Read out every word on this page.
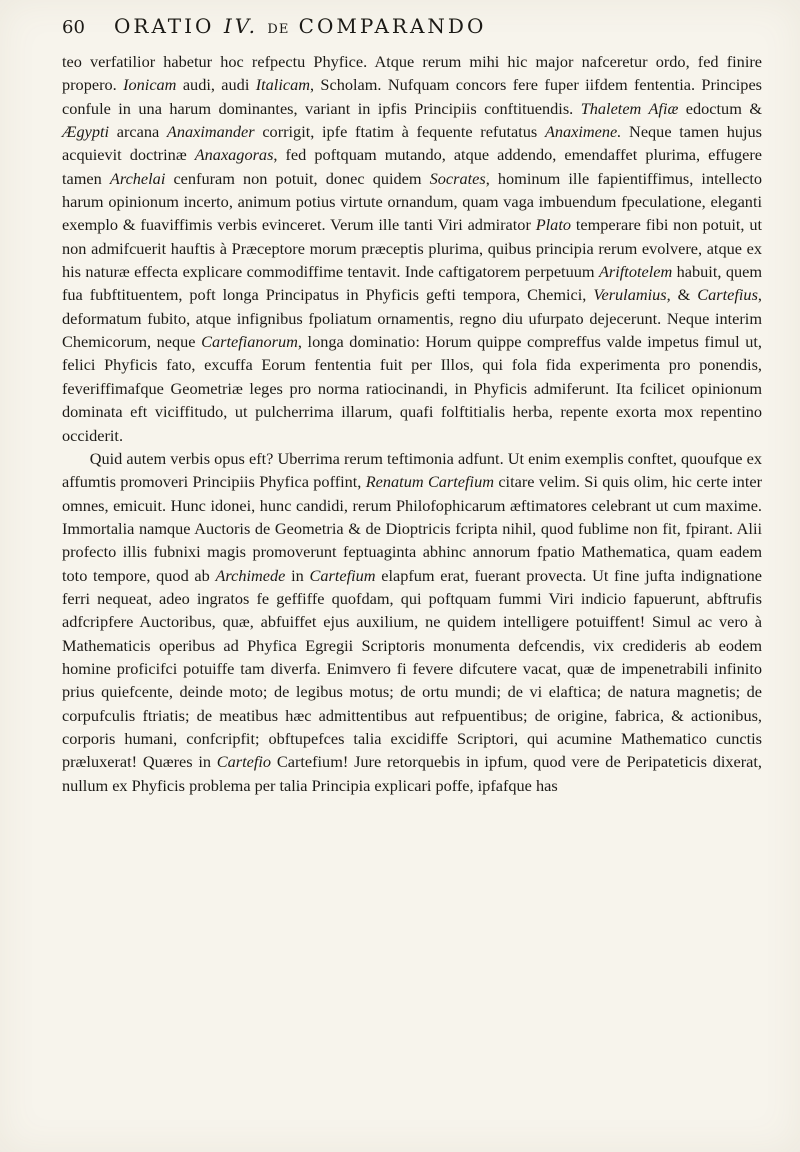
60	ORATIO IV. DE COMPARANDO

teo verfatilior habetur hoc refpectu Phyfice. Atque rerum mihi hic major nafceretur ordo, fed finire propero. Ionicam audi, audi Italicam, Scholam. Nufquam concors fere fuper iifdem fententia. Principes confule in una harum dominantes, variant in ipfis Principiis conftituendis. Thaletem Afiæ edoctum & Ægypti arcana Anaximander corrigit, ipfe ftatim à fequente refutatus Anaximene. Neque tamen hujus acquievit doctrinæ Anaxagoras, fed poftquam mutando, atque addendo, emendaffet plurima, effugere tamen Archelai cenfuram non potuit, donec quidem Socrates, hominum ille fapientiffimus, intellecto harum opinionum incerto, animum potius virtute ornandum, quam vaga imbuendum fpeculatione, eleganti exemplo & fuaviffimis verbis evinceret. Verum ille tanti Viri admirator Plato temperare fibi non potuit, ut non admifcuerit hauftis à Præceptore morum præceptis plurima, quibus principia rerum evolvere, atque ex his naturæ effecta explicare commodiffime tentavit. Inde caftigatorem perpetuum Ariftotelem habuit, quem fua fubftituentem, poft longa Principatus in Phyficis gefti tempora, Chemici, Verulamius, & Cartefius, deformatum fubito, atque infignibus fpoliatum ornamentis, regno diu ufurpato dejecerunt. Neque interim Chemicorum, neque Cartefianorum, longa dominatio: Horum quippe compreffus valde impetus fimul ut, felici Phyficis fato, excuffa Eorum fententia fuit per Illos, qui fola fida experimenta pro ponendis, feveriffimafque Geometriæ leges pro norma ratiocinandi, in Phyficis admiferunt. Ita fcilicet opinionum dominata eft viciffitudo, ut pulcherrima illarum, quafi folftitialis herba, repente exorta mox repentino occiderit.

Quid autem verbis opus eft? Uberrima rerum teftimonia adfunt. Ut enim exemplis conftet, quoufque ex affumtis promoveri Principiis Phyfica poffint, Renatum Cartefium citare velim. Si quis olim, hic certe inter omnes, emicuit. Hunc idonei, hunc candidi, rerum Philofophicarum æftimatores celebrant ut cum maxime. Immortalia namque Auctoris de Geometria & de Dioptricis fcripta nihil, quod fublime non fit, fpirant. Alii profecto illis fubnixi magis promoverunt feptuaginta abhinc annorum fpatio Mathematica, quam eadem toto tempore, quod ab Archimede in Cartefium elapfum erat, fuerant provecta. Ut fine jufta indignatione ferri nequeat, adeo ingratos fe geffiffe quofdam, qui poftquam fummi Viri indicio fapuerunt, abftrufis adfcripfere Auctoribus, quæ, abfuiffet ejus auxilium, ne quidem intelligere potuiffent! Simul ac vero à Mathematicis operibus ad Phyfica Egregii Scriptoris monumenta defcendis, vix credideris ab eodem homine proficifci potuiffe tam diverfa. Enimvero fi fevere difcutere vacat, quæ de impenetrabili infinito prius quiefcente, deinde moto; de legibus motus; de ortu mundi; de vi elaftica; de natura magnetis; de corpufculis ftriatis; de meatibus hæc admittentibus aut refpuentibus; de origine, fabrica, & actionibus, corporis humani, confcripfit; obftupefces talia excidiffe Scriptori, qui acumine Mathematico cunctis præluxerat! Quæres in Cartefio Cartefium! Jure retorquebis in ipfum, quod vere de Peripateticis dixerat, nullum ex Phyficis problema per talia Principia explicari poffe, ipfafque has
